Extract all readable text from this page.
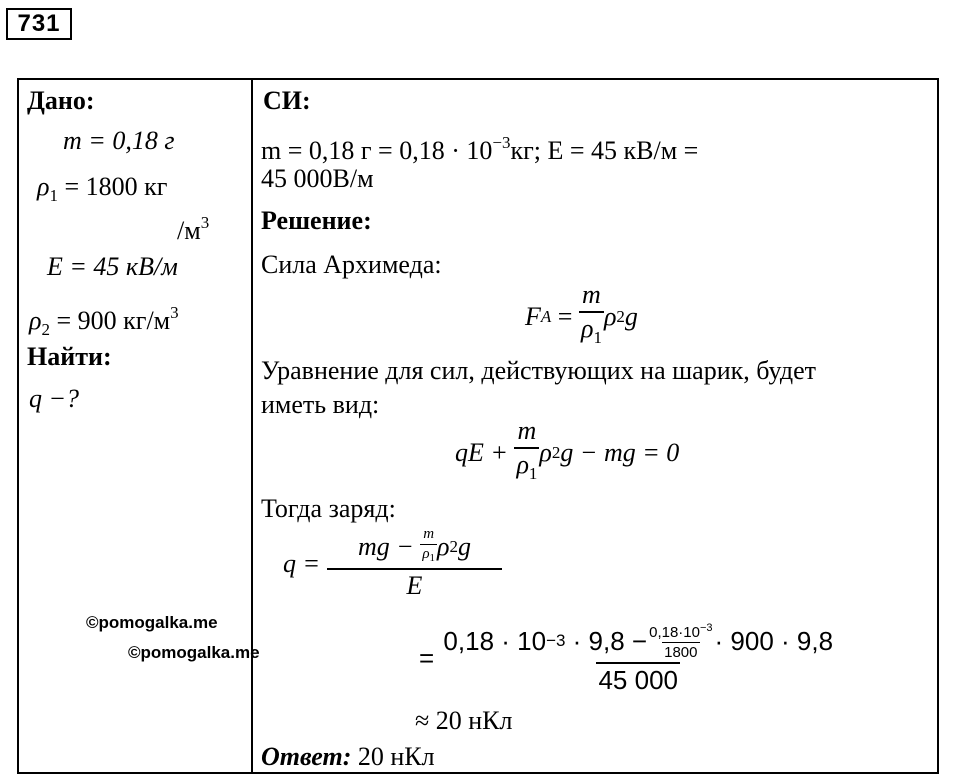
731
Дано:
m = 0,18 г
$\rho_1 = 1800$ кг
$/м^3$
E = 45 кВ/м
$\rho_2 = 900$ $кг/м^3$
Найти:
q −?
СИ:
m = 0,18 $г = 0,18 \cdot 10^{-3}кг$; E = 45 кВ/м =
45 000В/м
Решение:
Сила Архимеда:
F $A = \frac{m}{\rho_1}$ ρ 2 g
Уравнение для сил, действующих на шарик, будет
иметь вид:
qE + $\frac{m}{\rho_1}$ ρ 2 g − mg = 0
Тогда заряд:
$q = \frac{mg - \frac{m}{\rho_1} \rho 2 g}{E}$
=
$0,18 \cdot 10 -3 \cdot 9,8 - \frac{0,18\cdot 10^{-3}}{1800} \cdot 900 \cdot 9,8$
45 000
≈ 20 нКл
Ответ: 20 нКл
©pomogalka.me
©pomogalka.me
